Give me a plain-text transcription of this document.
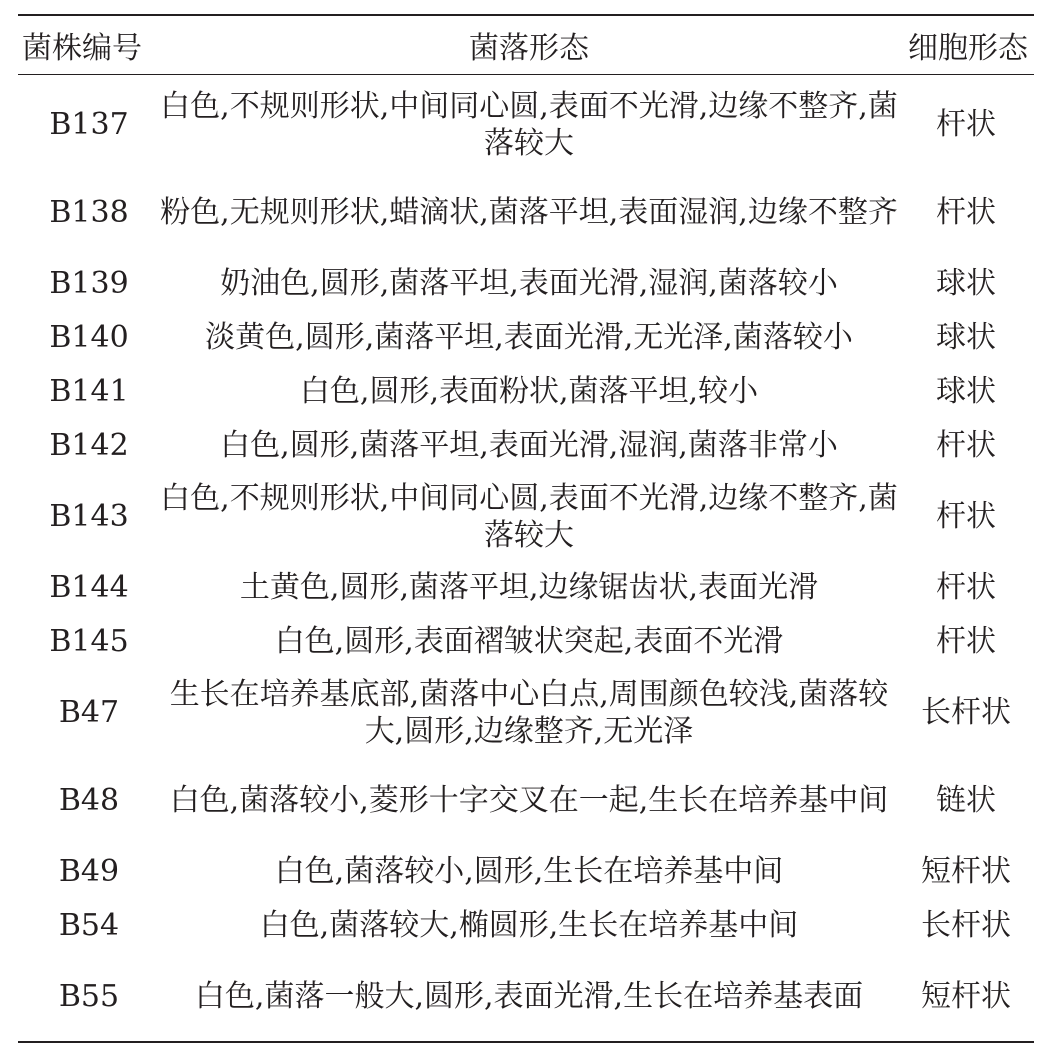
菌株编号	菌落形态	细胞形态

B137	白色,不规则形状,中间同心圆,表面不光滑,边缘不整齐,菌落较大	杆状
B138	粉色,无规则形状,蜡滴状,菌落平坦,表面湿润,边缘不整齐	杆状
B139	奶油色,圆形,菌落平坦,表面光滑,湿润,菌落较小	球状
B140	淡黄色,圆形,菌落平坦,表面光滑,无光泽,菌落较小	球状
B141	白色,圆形,表面粉状,菌落平坦,较小	球状
B142	白色,圆形,菌落平坦,表面光滑,湿润,菌落非常小	杆状
B143	白色,不规则形状,中间同心圆,表面不光滑,边缘不整齐,菌落较大	杆状
B144	土黄色,圆形,菌落平坦,边缘锯齿状,表面光滑	杆状
B145	白色,圆形,表面褶皱状突起,表面不光滑	杆状
B47	生长在培养基底部,菌落中心白点,周围颜色较浅,菌落较大,圆形,边缘整齐,无光泽	长杆状
B48	白色,菌落较小,菱形十字交叉在一起,生长在培养基中间	链状
B49	白色,菌落较小,圆形,生长在培养基中间	短杆状
B54	白色,菌落较大,椭圆形,生长在培养基中间	长杆状
B55	白色,菌落一般大,圆形,表面光滑,生长在培养基表面	短杆状
